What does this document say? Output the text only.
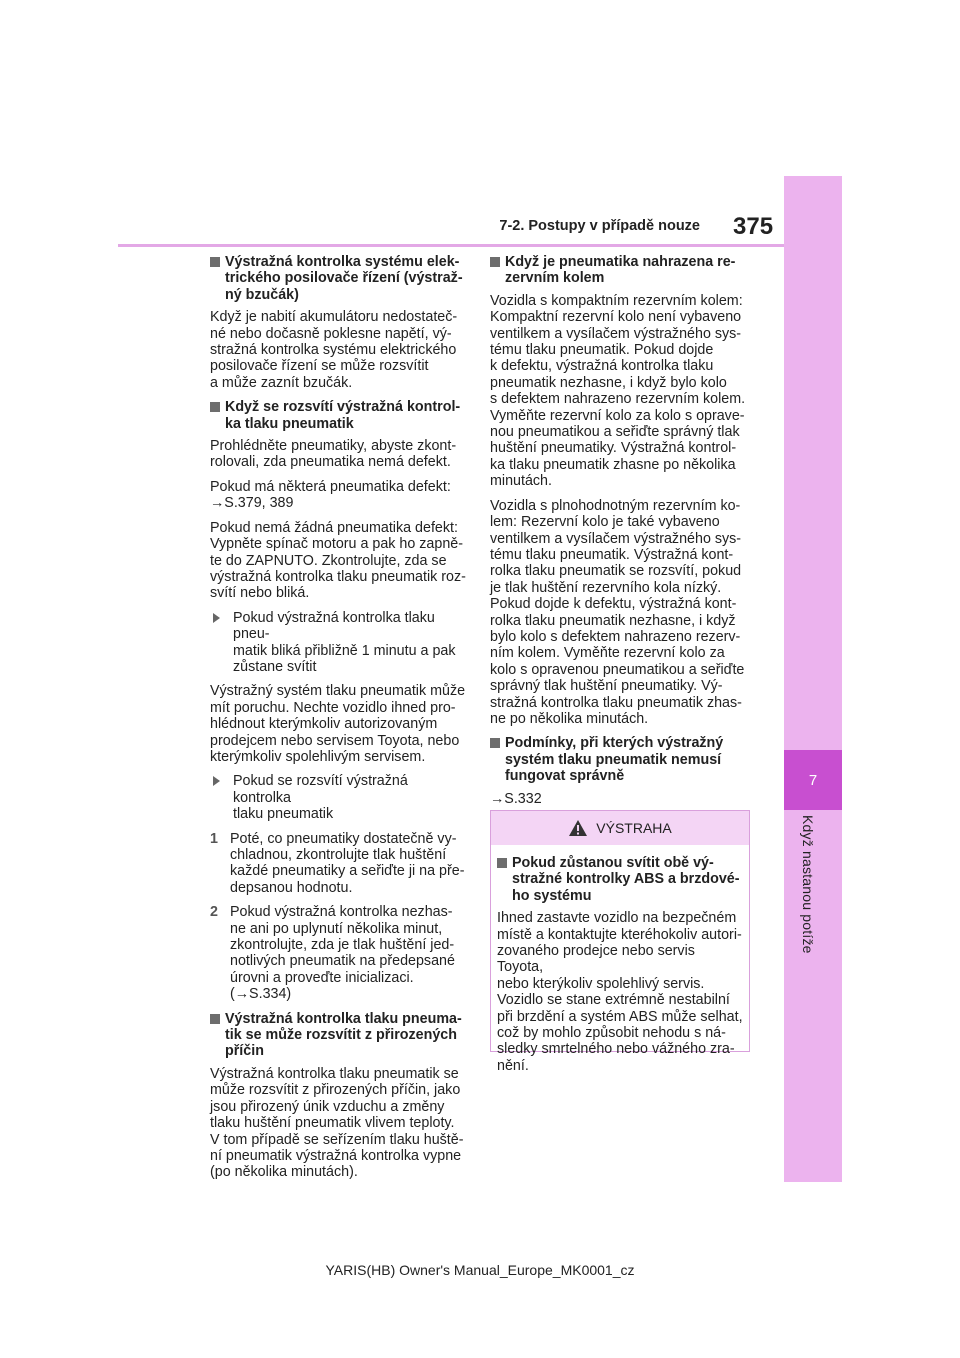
7
Když nastanou potíže
7-2. Postupy v případě nouze 375
Výstražná kontrolka systému elek-
trického posilovače řízení (výstraž-
ný bzučák)

Když je nabití akumulátoru nedostateč-
né nebo dočasně poklesne napětí, vý-
stražná kontrolka systému elektrického
posilovače řízení se může rozsvítit
a může zaznít bzučák.

Když se rozsvítí výstražná kontrol-
ka tlaku pneumatik

Prohlédněte pneumatiky, abyste zkont-
rolovali, zda pneumatika nemá defekt.

Pokud má některá pneumatika defekt:
→S.379, 389

Pokud nemá žádná pneumatika defekt:
Vypněte spínač motoru a pak ho zapně-
te do ZAPNUTO. Zkontrolujte, zda se
výstražná kontrolka tlaku pneumatik roz-
svítí nebo bliká.

Pokud výstražná kontrolka tlaku pneu-
matik bliká přibližně 1 minutu a pak
zůstane svítit

Výstražný systém tlaku pneumatik může
mít poruchu. Nechte vozidlo ihned pro-
hlédnout kterýmkoliv autorizovaným
prodejcem nebo servisem Toyota, nebo
kterýmkoliv spolehlivým servisem.

Pokud se rozsvítí výstražná kontrolka
tlaku pneumatik
1 Poté, co pneumatiky dostatečně vy-
chladnou, zkontrolujte tlak huštění
každé pneumatiky a seřiďte ji na pře-
depsanou hodnotu.
2 Pokud výstražná kontrolka nezhas-
ne ani po uplynutí několika minut,
zkontrolujte, zda je tlak huštění jed-
notlivých pneumatik na předepsané
úrovni a proveďte inicializaci.
(→S.334)
Výstražná kontrolka tlaku pneuma-
tik se může rozsvítit z přirozených
příčin

Výstražná kontrolka tlaku pneumatik se
může rozsvítit z přirozených příčin, jako
jsou přirozený únik vzduchu a změny
tlaku huštění pneumatik vlivem teploty.
V tom případě se seřízením tlaku huště-
ní pneumatik výstražná kontrolka vypne
(po několika minutách).

Když je pneumatika nahrazena re-
zervním kolem

Vozidla s kompaktním rezervním kolem:
Kompaktní rezervní kolo není vybaveno
ventilkem a vysílačem výstražného sys-
tému tlaku pneumatik. Pokud dojde
k defektu, výstražná kontrolka tlaku
pneumatik nezhasne, i když bylo kolo
s defektem nahrazeno rezervním kolem.
Vyměňte rezervní kolo za kolo s oprave-
nou pneumatikou a seřiďte správný tlak
huštění pneumatiky. Výstražná kontrol-
ka tlaku pneumatik zhasne po několika
minutách.

Vozidla s plnohodnotným rezervním ko-
lem: Rezervní kolo je také vybaveno
ventilkem a vysílačem výstražného sys-
tému tlaku pneumatik. Výstražná kont-
rolka tlaku pneumatik se rozsvítí, pokud
je tlak huštění rezervního kola nízký.
Pokud dojde k defektu, výstražná kont-
rolka tlaku pneumatik nezhasne, i když
bylo kolo s defektem nahrazeno rezerv-
ním kolem. Vyměňte rezervní kolo za
kolo s opravenou pneumatikou a seřiďte
správný tlak huštění pneumatiky. Vý-
stražná kontrolka tlaku pneumatik zhas-
ne po několika minutách.

Podmínky, při kterých výstražný
systém tlaku pneumatik nemusí
fungovat správně

→S.332

VÝSTRAHA
Pokud zůstanou svítit obě vý-
stražné kontrolky ABS a brzdové-
ho systému

Ihned zastavte vozidlo na bezpečném
místě a kontaktujte kteréhokoliv autori-
zovaného prodejce nebo servis Toyota,
nebo kterýkoliv spolehlivý servis.
Vozidlo se stane extrémně nestabilní
při brzdění a systém ABS může selhat,
což by mohlo způsobit nehodu s ná-
sledky smrtelného nebo vážného zra-
nění.

YARIS(HB) Owner's Manual_Europe_MK0001_cz
